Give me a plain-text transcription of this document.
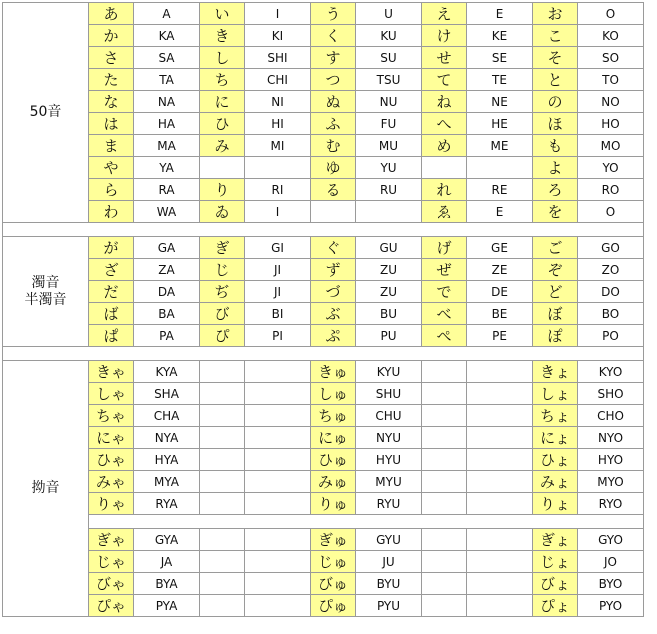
50音	あ	A	い	I	う	U	え	E	お	O
	か	KA	き	KI	く	KU	け	KE	こ	KO
	さ	SA	し	SHI	す	SU	せ	SE	そ	SO
	た	TA	ち	CHI	つ	TSU	て	TE	と	TO
	な	NA	に	NI	ぬ	NU	ね	NE	の	NO
	は	HA	ひ	HI	ふ	FU	へ	HE	ほ	HO
	ま	MA	み	MI	む	MU	め	ME	も	MO
	や	YA			ゆ	YU			よ	YO
	ら	RA	り	RI	る	RU	れ	RE	ろ	RO
	わ	WA	ゐ	I			ゑ	E	を	O

濁音
半濁音	が	GA	ぎ	GI	ぐ	GU	げ	GE	ご	GO
	ざ	ZA	じ	JI	ず	ZU	ぜ	ZE	ぞ	ZO
	だ	DA	ぢ	JI	づ	ZU	で	DE	ど	DO
	ば	BA	び	BI	ぶ	BU	べ	BE	ぼ	BO
	ぱ	PA	ぴ	PI	ぷ	PU	ぺ	PE	ぽ	PO

拗音	きゃ	KYA			きゅ	KYU			きょ	KYO
	しゃ	SHA			しゅ	SHU			しょ	SHO
	ちゃ	CHA			ちゅ	CHU			ちょ	CHO
	にゃ	NYA			にゅ	NYU			にょ	NYO
	ひゃ	HYA			ひゅ	HYU			ひょ	HYO
	みゃ	MYA			みゅ	MYU			みょ	MYO
	りゃ	RYA			りゅ	RYU			りょ	RYO

	ぎゃ	GYA			ぎゅ	GYU			ぎょ	GYO
	じゃ	JA			じゅ	JU			じょ	JO
	びゃ	BYA			びゅ	BYU			びょ	BYO
	ぴゃ	PYA			ぴゅ	PYU			ぴょ	PYO
